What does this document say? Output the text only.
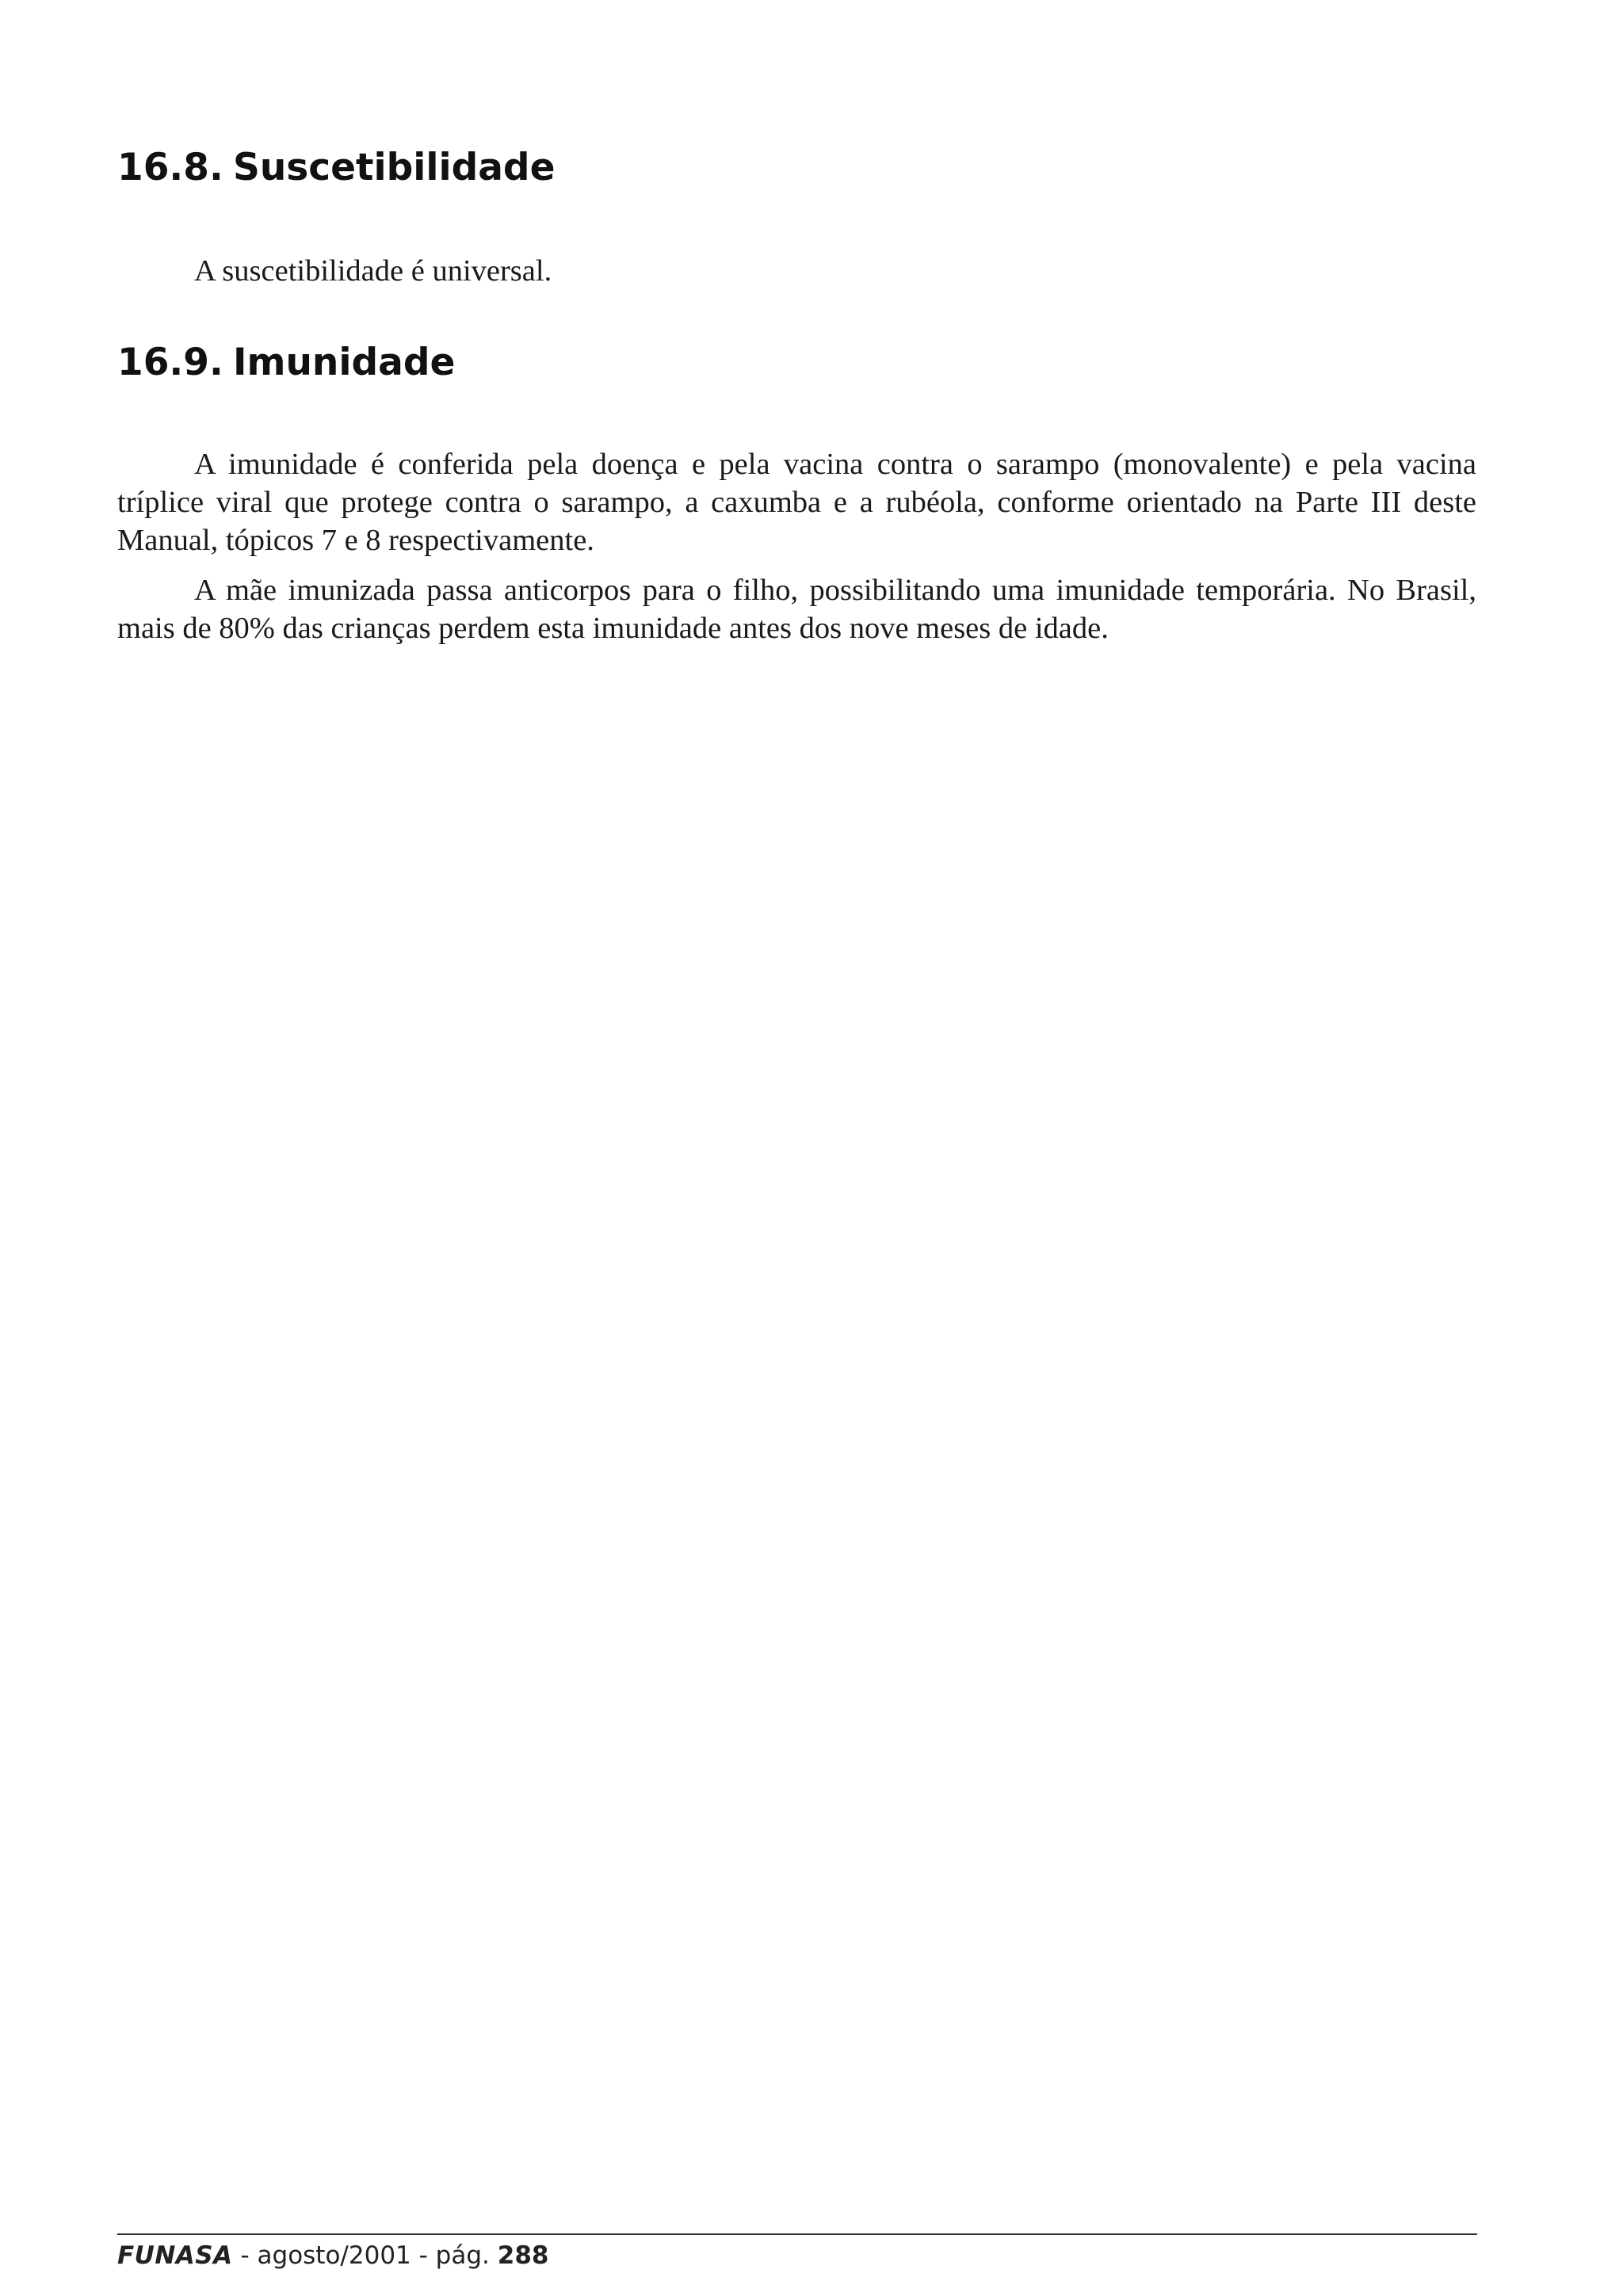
16.8. Suscetibilidade

A suscetibilidade é universal.

16.9. Imunidade

A imunidade é conferida pela doença e pela vacina contra o sarampo (monovalente) e pela vacina tríplice viral que protege contra o sarampo, a caxumba e a rubéola, conforme orientado na Parte III deste Manual, tópicos 7 e 8 respectivamente.

A mãe imunizada passa anticorpos para o filho, possibilitando uma imunidade temporária. No Brasil, mais de 80% das crianças perdem esta imunidade antes dos nove meses de idade.

FUNASA - agosto/2001 - pág. 288
